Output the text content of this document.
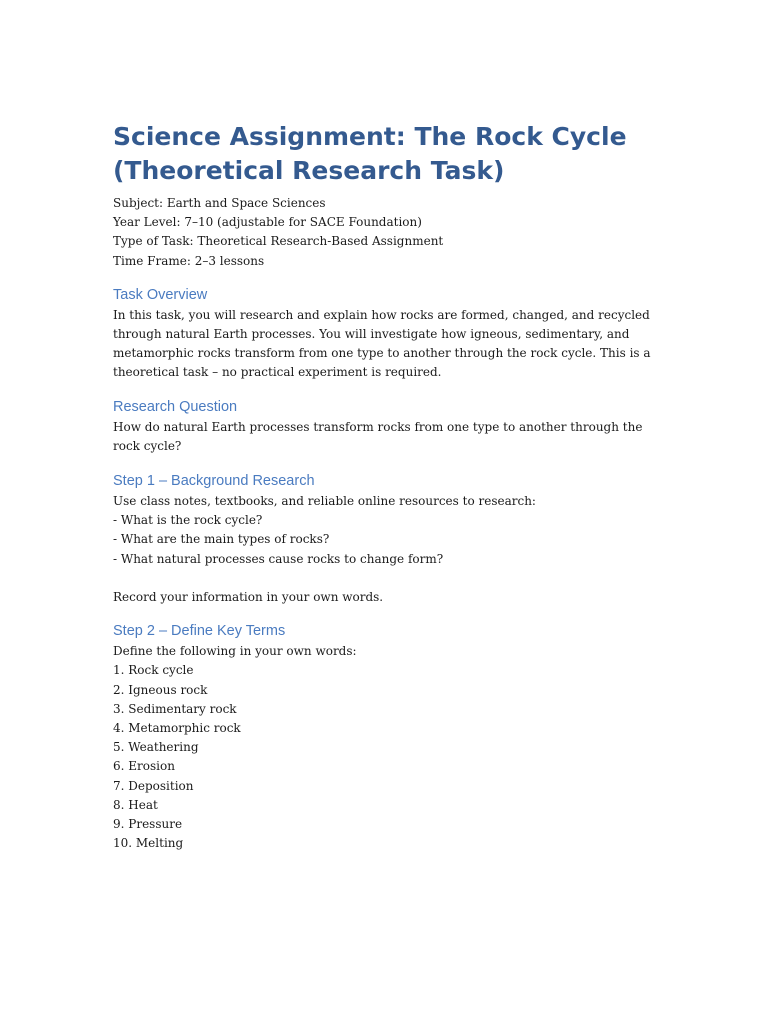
Science Assignment: The Rock Cycle (Theoretical Research Task)
Subject: Earth and Space Sciences
Year Level: 7–10 (adjustable for SACE Foundation)
Type of Task: Theoretical Research-Based Assignment
Time Frame: 2–3 lessons
Task Overview

In this task, you will research and explain how rocks are formed, changed, and recycled through natural Earth processes. You will investigate how igneous, sedimentary, and metamorphic rocks transform from one type to another through the rock cycle. This is a theoretical task – no practical experiment is required.

Research Question

How do natural Earth processes transform rocks from one type to another through the rock cycle?

Step 1 – Background Research

Use class notes, textbooks, and reliable online resources to research:
- What is the rock cycle?
- What are the main types of rocks?
- What natural processes cause rocks to change form?
Record your information in your own words.

Step 2 – Define Key Terms

Define the following in your own words:
1. Rock cycle
2. Igneous rock
3. Sedimentary rock
4. Metamorphic rock
5. Weathering
6. Erosion
7. Deposition
8. Heat
9. Pressure
10. Melting
